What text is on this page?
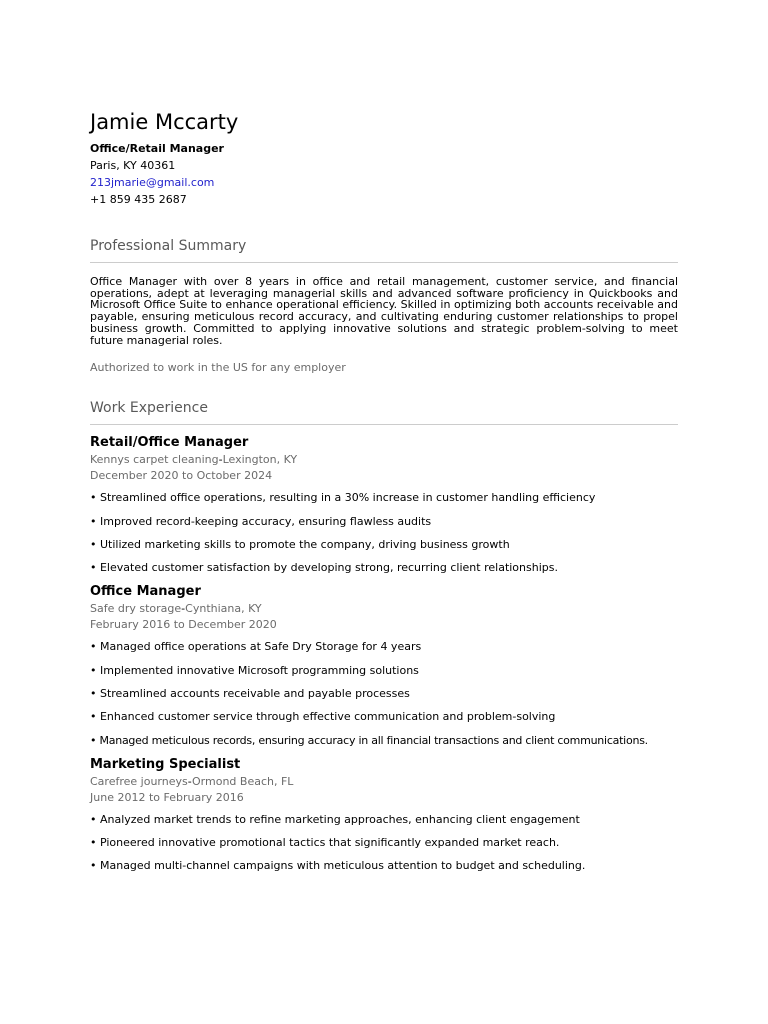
Jamie Mccarty
Office/Retail Manager
Paris, KY 40361
213jmarie@gmail.com
+1 859 435 2687
Professional Summary
Office Manager with over 8 years in office and retail management, customer service, and financial operations, adept at leveraging managerial skills and advanced software proficiency in Quickbooks and Microsoft Office Suite to enhance operational efficiency. Skilled in optimizing both accounts receivable and payable, ensuring meticulous record accuracy, and cultivating enduring customer relationships to propel business growth. Committed to applying innovative solutions and strategic problem-solving to meet future managerial roles.
Authorized to work in the US for any employer
Work Experience
Retail/Office Manager
Kennys carpet cleaning-Lexington, KY
December 2020 to October 2024
• Streamlined office operations, resulting in a 30% increase in customer handling efficiency
• Improved record-keeping accuracy, ensuring flawless audits
• Utilized marketing skills to promote the company, driving business growth
• Elevated customer satisfaction by developing strong, recurring client relationships.
Office Manager
Safe dry storage-Cynthiana, KY
February 2016 to December 2020
• Managed office operations at Safe Dry Storage for 4 years
• Implemented innovative Microsoft programming solutions
• Streamlined accounts receivable and payable processes
• Enhanced customer service through effective communication and problem-solving
• Managed meticulous records, ensuring accuracy in all financial transactions and client communications.
Marketing Specialist
Carefree journeys-Ormond Beach, FL
June 2012 to February 2016
• Analyzed market trends to refine marketing approaches, enhancing client engagement
• Pioneered innovative promotional tactics that significantly expanded market reach.
• Managed multi-channel campaigns with meticulous attention to budget and scheduling.
